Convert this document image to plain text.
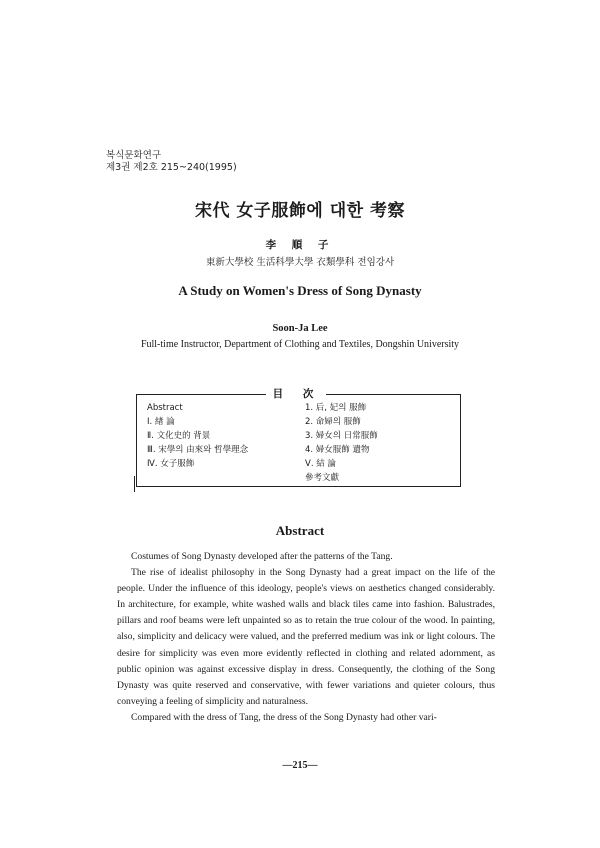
복식문화연구
제3권 제2호 215~240(1995)
宋代 女子服飾에 대한 考察
李 順 子
東新大學校 生活科學大學 衣類學科 전임강사
A Study on Women's Dress of Song Dynasty
Soon-Ja Lee
Full-time Instructor, Department of Clothing and Textiles, Dongshin University
目 次
Abstract
Ⅰ. 緖 論
Ⅱ. 文化史的 背景
Ⅲ. 宋學의 由來와 哲學理念
Ⅳ. 女子服飾
1. 后, 妃의 服飾
2. 命婦의 服飾
3. 婦女의 日常服飾
4. 婦女服飾 遺物
Ⅴ. 結 論
參考文獻
Abstract

Costumes of Song Dynasty developed after the patterns of the Tang.

The rise of idealist philosophy in the Song Dynasty had a great impact on the life of the people. Under the influence of this ideology, people's views on aesthetics changed considerably. In architecture, for example, white washed walls and black tiles came into fashion. Balustrades, pillars and roof beams were left unpainted so as to retain the true colour of the wood. In painting, also, simplicity and delicacy were valued, and the preferred medium was ink or light colours. The desire for simplicity was even more evidently reflected in clothing and related adornment, as public opinion was against excessive display in dress. Consequently, the clothing of the Song Dynasty was quite reserved and conservative, with fewer variations and quieter colours, thus conveying a feeling of simplicity and naturalness.

Compared with the dress of Tang, the dress of the Song Dynasty had other vari-

—215—
